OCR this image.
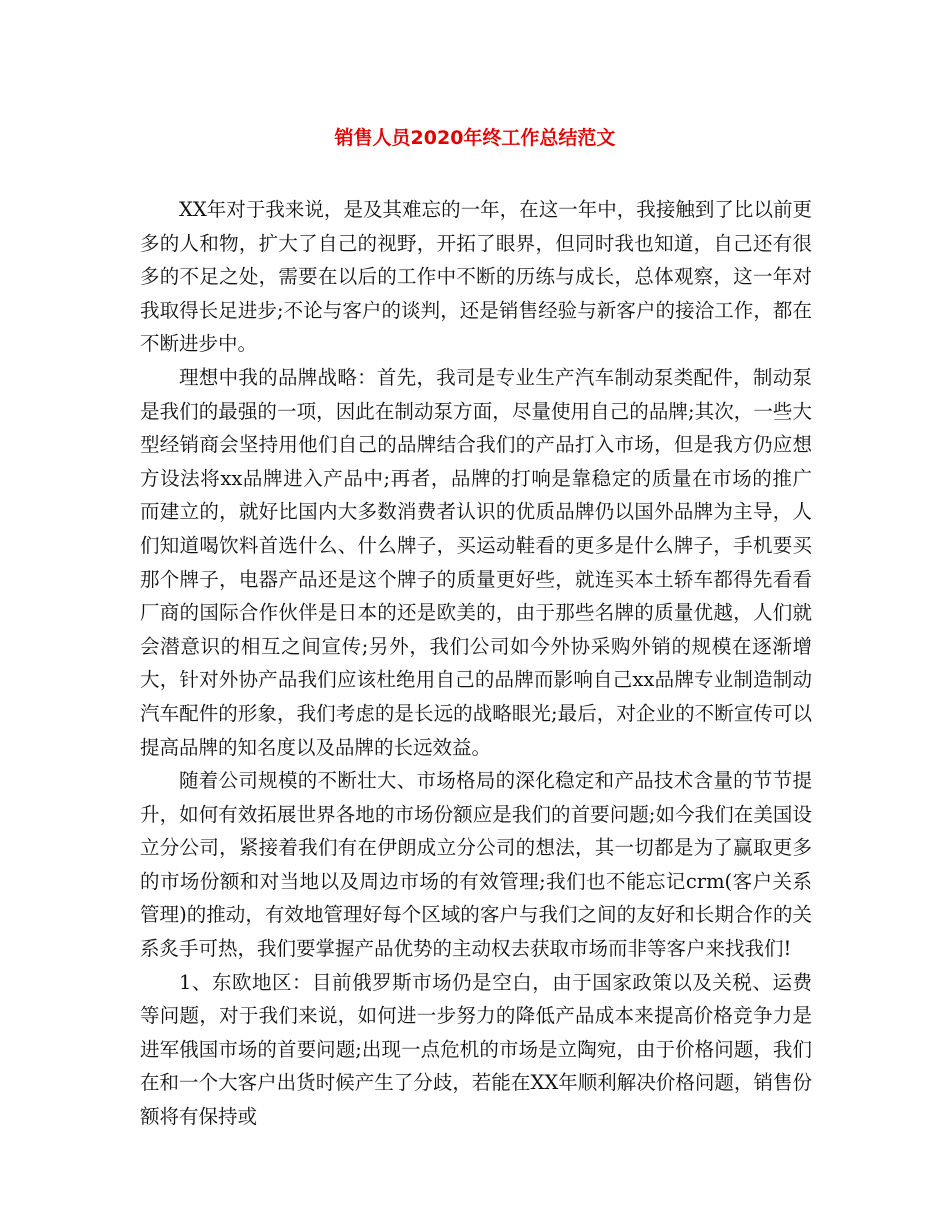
销售人员2020年终工作总结范文

XX年对于我来说，是及其难忘的一年，在这一年中，我接触到了比以前更多的人和物，扩大了自己的视野，开拓了眼界，但同时我也知道，自己还有很多的不足之处，需要在以后的工作中不断的历练与成长，总体观察，这一年对我取得长足进步;不论与客户的谈判，还是销售经验与新客户的接洽工作，都在不断进步中。

理想中我的品牌战略：首先，我司是专业生产汽车制动泵类配件，制动泵是我们的最强的一项，因此在制动泵方面，尽量使用自己的品牌;其次，一些大型经销商会坚持用他们自己的品牌结合我们的产品打入市场，但是我方仍应想方设法将xx品牌进入产品中;再者，品牌的打响是靠稳定的质量在市场的推广而建立的，就好比国内大多数消费者认识的优质品牌仍以国外品牌为主导，人们知道喝饮料首选什么、什么牌子，买运动鞋看的更多是什么牌子，手机要买那个牌子，电器产品还是这个牌子的质量更好些，就连买本土轿车都得先看看厂商的国际合作伙伴是日本的还是欧美的，由于那些名牌的质量优越，人们就会潜意识的相互之间宣传;另外，我们公司如今外协采购外销的规模在逐渐增大，针对外协产品我们应该杜绝用自己的品牌而影响自己xx品牌专业制造制动汽车配件的形象，我们考虑的是长远的战略眼光;最后，对企业的不断宣传可以提高品牌的知名度以及品牌的长远效益。

随着公司规模的不断壮大、市场格局的深化稳定和产品技术含量的节节提升，如何有效拓展世界各地的市场份额应是我们的首要问题;如今我们在美国设立分公司，紧接着我们有在伊朗成立分公司的想法，其一切都是为了赢取更多的市场份额和对当地以及周边市场的有效管理;我们也不能忘记crm(客户关系管理)的推动，有效地管理好每个区域的客户与我们之间的友好和长期合作的关系炙手可热，我们要掌握产品优势的主动权去获取市场而非等客户来找我们!

1、东欧地区：目前俄罗斯市场仍是空白，由于国家政策以及关税、运费等问题，对于我们来说，如何进一步努力的降低产品成本来提高价格竞争力是进军俄国市场的首要问题;出现一点危机的市场是立陶宛，由于价格问题，我们在和一个大客户出货时候产生了分歧，若能在XX年顺利解决价格问题，销售份额将有保持或
